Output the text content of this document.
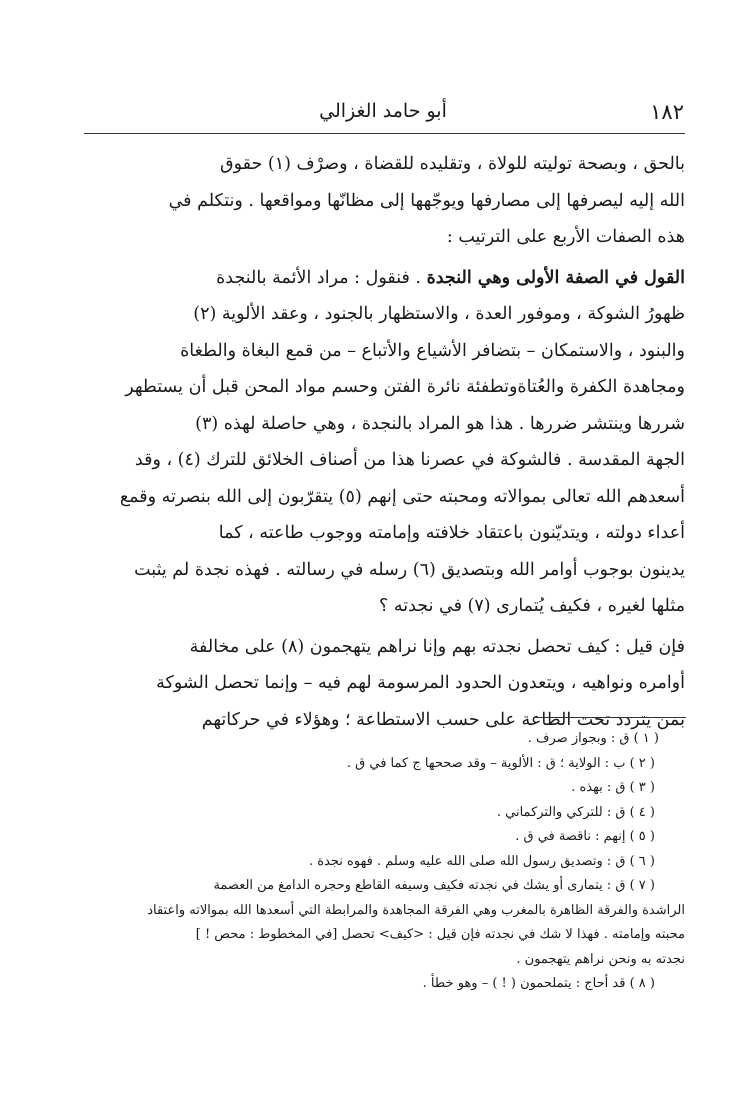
١٨٢
أبو حامد الغزالي

بالحق ، وبصحة توليته للولاة ، وتقليده للقضاة ، وصرْف (١) حقوق
الله إليه ليصرفها إلى مصارفها ويوجّهها إلى مظانّها ومواقعها . ونتكلم في
هذه الصفات الأربع على الترتيب :

القول في الصفة الأولى وهي النجدة . فنقول : مراد الأئمة بالنجدة
ظهورُ الشوكة ، وموفور العدة ، والاستظهار بالجنود ، وعقد الألوية (٢)
والبنود ، والاستمكان – بتضافر الأشياع والأتباع – من قمع البغاة والطغاة
ومجاهدة الكفرة والعُتاةوتطفئة نائرة الفتن وحسم مواد المحن قبل أن يستطهر
شررها وينتشر ضررها . هذا هو المراد بالنجدة ، وهي حاصلة لهذه (٣)
الجهة المقدسة . فالشوكة في عصرنا هذا من أصناف الخلائق للترك (٤) ، وقد
أسعدهم الله تعالى بموالاته ومحبته حتى إنهم (٥) يتقرّبون إلى الله بنصرته وقمع
أعداء دولته ، ويتديّنون باعتقاد خلافته وإمامته ووجوب طاعته ، كما
يدينون بوجوب أوامر الله وبتصديق (٦) رسله في رسالته . فهذه نجدة لم يثبت
مثلها لغيره ، فكيف يُتمارى (٧) في نجدته ؟

فإن قيل : كيف تحصل نجدته بهم وإنا نراهم يتهجمون (٨) على مخالفة
أوامره ونواهيه ، ويتعدون الحدود المرسومة لهم فيه – وإنما تحصل الشوكة
بمن يتردد تحت الطاعة على حسب الاستطاعة ؛ وهؤلاء في حركاتهم

( ١ ) ق : وبجواز صرف .
( ٢ ) ب : الولاية ؛ ق : الألوية – وقد صححها ج كما في ق .
( ٣ ) ق : بهذه .
( ٤ ) ق : للتركي والتركماني .
( ٥ ) إنهم : ناقصة في ق .
( ٦ ) ق : وتصديق رسول الله صلى الله عليه وسلم . فهوه نجدة .
( ٧ ) ق : يتمارى أو يشك في نجدته فكيف وسيفه القاطع وحجره الدامغ من العصمة
الراشدة والفرقة الظاهرة بالمغرب وهي الفرقة المجاهدة والمرابطة التي أسعدها الله بموالاته واعتقاد
محبته وإمامته . فهذا لا شك في نجدته فإن قيل : <كيف> تحصل [في المخطوط : محص ! ]
نجدته به ونحن نراهم يتهجمون .
( ٨ ) قد أحاج : يتملحمون ( ! ) – وهو خطأ .
